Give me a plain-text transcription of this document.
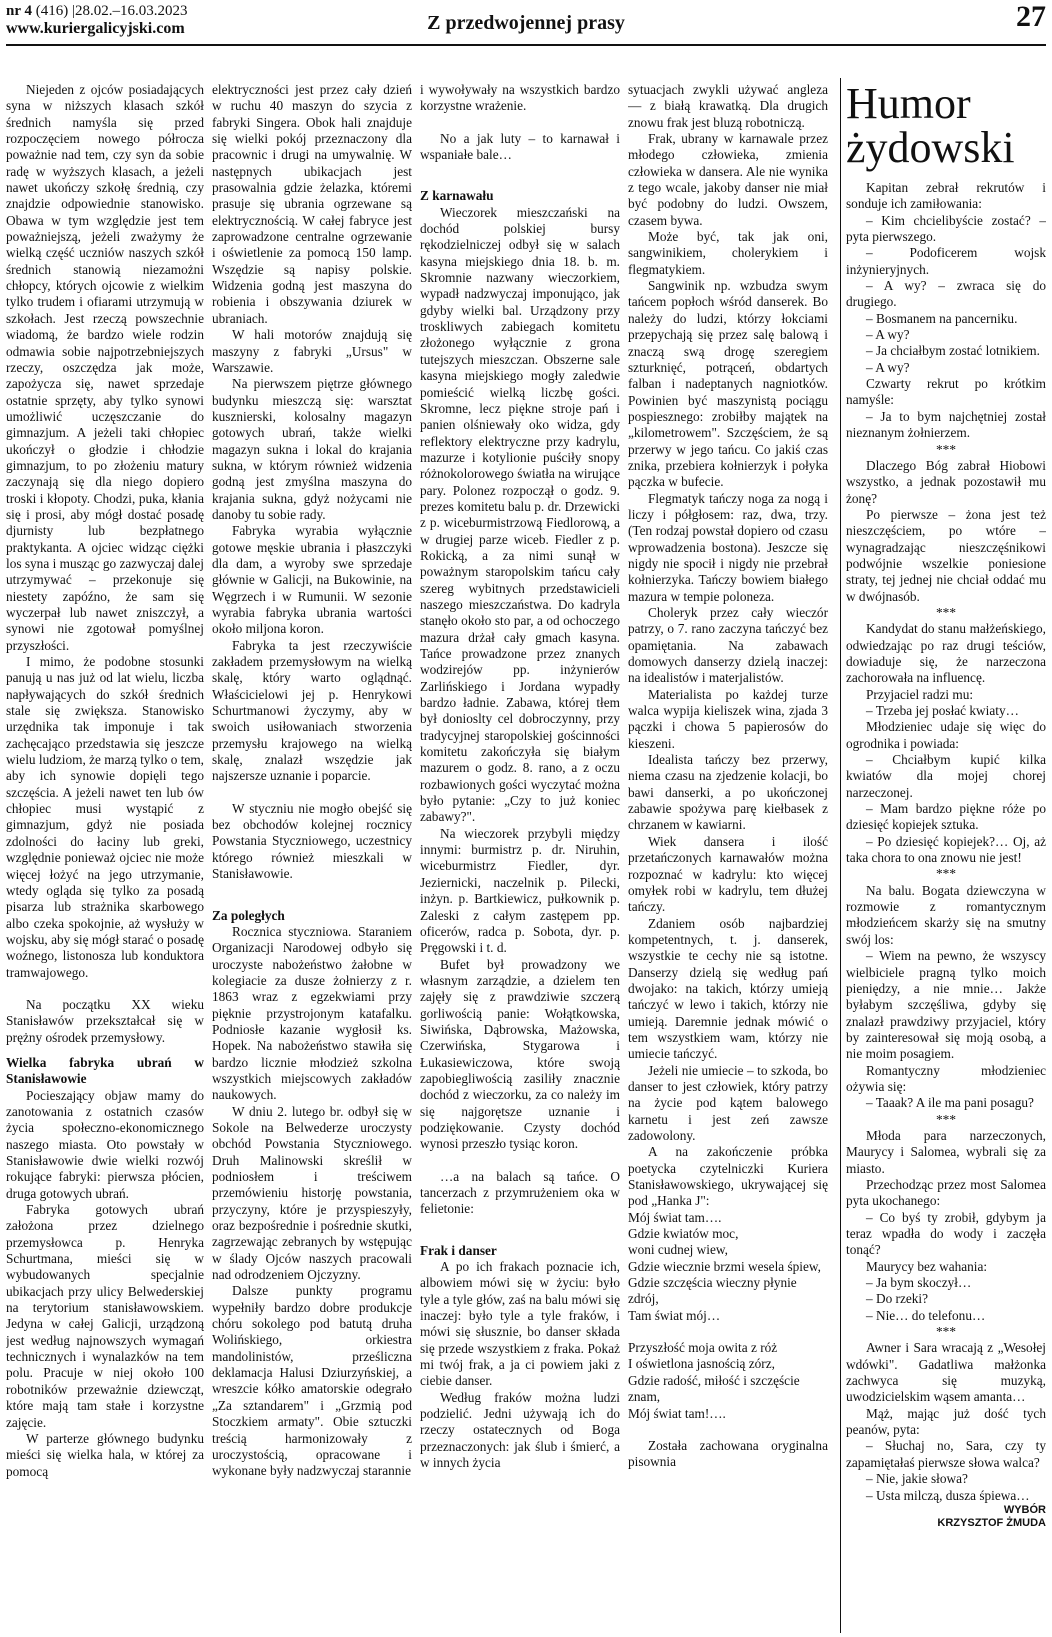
nr 4 (416) |28.02.–16.03.2023
www.kuriergalicyjski.com	Z przedwojennej prasy	27

Niejeden z ojców posiadających syna w niższych klasach szkół średnich namyśla się przed rozpoczęciem nowego półrocza poważnie nad tem, czy syn da sobie radę w wyższych klasach, a jeżeli nawet ukończy szkołę średnią, czy znajdzie odpowiednie stanowisko. Obawa w tym względzie jest tem poważniejszą, jeżeli zważymy że wielką część uczniów naszych szkół średnich stanowią niezamożni chłopcy, których ojcowie z wielkim tylko trudem i ofiarami utrzymują w szkołach. Jest rzeczą powszechnie wiadomą, że bardzo wiele rodzin odmawia sobie najpotrzebniejszych rzeczy, oszczędza jak może, zapożycza się, nawet sprzedaje ostatnie sprzęty, aby tylko synowi umożliwić uczęszczanie do gimnazjum. A jeżeli taki chłopiec ukończył o głodzie i chłodzie gimnazjum, to po złożeniu matury zaczynają się dla niego dopiero troski i kłopoty. Chodzi, puka, kłania się i prosi, aby mógł dostać posadę djurnisty lub bezpłatnego praktykanta. A ojciec widząc ciężki los syna i musząc go zazwyczaj dalej utrzymywać – przekonuje się niestety zapóźno, że sam się wyczerpał lub nawet zniszczył, a synowi nie zgotował pomyślnej przyszłości.

I mimo, że podobne stosunki panują u nas już od lat wielu, liczba napływających do szkół średnich stale się zwiększa. Stanowisko urzędnika tak imponuje i tak zachęcająco przedstawia się jeszcze wielu ludziom, że marzą tylko o tem, aby ich synowie dopięli tego szczęścia. A jeżeli nawet ten lub ów chłopiec musi wystąpić z gimnazjum, gdyż nie posiada zdolności do łaciny lub greki, względnie ponieważ ojciec nie może więcej łożyć na jego utrzymanie, wtedy ogląda się tylko za posadą pisarza lub strażnika skarbowego albo czeka spokojnie, aż wysłuży w wojsku, aby się mógł starać o posadę woźnego, listonosza lub konduktora tramwajowego.

Na początku XX wieku Stanisławów przekształcał się w prężny ośrodek przemysłowy.

Wielka fabryka ubrań w Stanisławowie

Pocieszający objaw mamy do zanotowania z ostatnich czasów życia społeczno-ekonomicznego naszego miasta. Oto powstały w Stanisławowie dwie wielki rozwój rokujące fabryki: pierwsza płócien, druga gotowych ubrań.

Fabryka gotowych ubrań założona przez dzielnego przemysłowca p. Henryka Schurtmana, mieści się w wybudowanych specjalnie ubikacjach przy ulicy Belwederskiej na terytorium stanisławowskiem. Jedyna w całej Galicji, urządzoną jest według najnowszych wymagań technicznych i wynalazków na tem polu. Pracuje w niej około 100 robotników przeważnie dziewcząt, które mają tam stałe i korzystne zajęcie.

W parterze głównego budynku mieści się wielka hala, w której za pomocą

elektryczności jest przez cały dzień w ruchu 40 maszyn do szycia z fabryki Singera. Obok hali znajduje się wielki pokój przeznaczony dla pracownic i drugi na umywalnię. W następnych ubikacjach jest prasowalnia gdzie żelazka, któremi prasuje się ubrania ogrzewane są elektrycznością. W całej fabryce jest zaprowadzone centralne ogrzewanie i oświetlenie za pomocą 150 lamp. Wszędzie są napisy polskie. Widzenia godną jest maszyna do robienia i obszywania dziurek w ubraniach.

W hali motorów znajdują się maszyny z fabryki „Ursus" w Warszawie.

Na pierwszem piętrze głównego budynku mieszczą się: warsztat kusznierski, kolosalny magazyn gotowych ubrań, także wielki magazyn sukna i lokal do krajania sukna, w którym również widzenia godną jest zmyślna maszyna do krajania sukna, gdyż nożycami nie danoby tu sobie rady.

Fabryka wyrabia wyłącznie gotowe męskie ubrania i płaszczyki dla dam, a wyroby swe sprzedaje głównie w Galicji, na Bukowinie, na Węgrzech i w Rumunii. W sezonie wyrabia fabryka ubrania wartości około miljona koron.

Fabryka ta jest rzeczywiście zakładem przemysłowym na wielką skalę, który warto oglądnąć. Właścicielowi jej p. Henrykowi Schurtmanowi życzymy, aby w swoich usiłowaniach stworzenia przemysłu krajowego na wielką skalę, znalazł wszędzie jak najszersze uznanie i poparcie.

W styczniu nie mogło obejść się bez obchodów kolejnej rocznicy Powstania Styczniowego, uczestnicy którego również mieszkali w Stanisławowie.

Za poległych

Rocznica styczniowa. Staraniem Organizacji Narodowej odbyło się uroczyste nabożeństwo żałobne w kolegiacie za dusze żołnierzy z r. 1863 wraz z egzekwiami przy pięknie przystrojonym katafalku. Podniosłe kazanie wygłosił ks. Hopek. Na nabożeństwo stawiła się bardzo licznie młodzież szkolna wszystkich miejscowych zakładów naukowych.

W dniu 2. lutego br. odbył się w Sokole na Belwederze uroczysty obchód Powstania Styczniowego. Druh Malinowski skreślił w podniosłem i treściwem przemówieniu historję powstania, przyczyny, które je przyspieszyły, oraz bezpośrednie i pośrednie skutki, zagrzewając zebranych by wstępując w ślady Ojców naszych pracowali nad odrodzeniem Ojczyzny.

Dalsze punkty programu wypełniły bardzo dobre produkcje chóru sokolego pod batutą druha Wolińskiego, orkiestra mandolinistów, prześliczna deklamacja Halusi Dziurzyńskiej, a wreszcie kółko amatorskie odegrało „Za sztandarem" i „Grzmią pod Stoczkiem armaty". Obie sztuczki treścią harmonizowały z uroczystością, opracowane i wykonane były nadzwyczaj starannie

i wywoływały na wszystkich bardzo korzystne wrażenie.

No a jak luty – to karnawał i wspaniałe bale…

Z karnawału

Wieczorek mieszczański na dochód polskiej bursy rękodzielniczej odbył się w salach kasyna miejskiego dnia 18. b. m. Skromnie nazwany wieczorkiem, wypadł nadzwyczaj imponująco, jak gdyby wielki bal. Urządzony przy troskliwych zabiegach komitetu złożonego wyłącznie z grona tutejszych mieszczan. Obszerne sale kasyna miejskiego mogły zaledwie pomieścić wielką liczbę gości. Skromne, lecz piękne stroje pań i panien olśniewały oko widza, gdy reflektory elektryczne przy kadrylu, mazurze i kotylionie puściły snopy różnokolorowego światła na wirujące pary. Polonez rozpoczął o godz. 9. prezes komitetu balu p. dr. Drzewicki z p. wiceburmistrzową Fiedlorową, a w drugiej parze wiceb. Fiedler z p. Rokicką, a za nimi sunął w poważnym staropolskim tańcu cały szereg wybitnych przedstawicieli naszego mieszczaństwa. Do kadryla stanęło około sto par, a od ochoczego mazura drżał cały gmach kasyna. Tańce prowadzone przez znanych wodzirejów pp. inżynierów Zarlińskiego i Jordana wypadły bardzo ładnie. Zabawa, której tłem był donioslty cel dobroczynny, przy tradycyjnej staropolskiej gościnności komitetu zakończyła się białym mazurem o godz. 8. rano, a z oczu rozbawionych gości wyczytać można było pytanie: „Czy to już koniec zabawy?".

Na wieczorek przybyli między innymi: burmistrz p. dr. Niruhin, wiceburmistrz Fiedler, dyr. Jeziernicki, naczelnik p. Pilecki, inżyn. p. Bartkiewicz, pułkownik p. Zaleski z całym zastępem pp. oficerów, radca p. Sobota, dyr. p. Pręgowski i t. d.

Bufet był prowadzony we własnym zarządzie, a dzielem ten zajęły się z prawdziwie szczerą gorliwością panie: Wołątkowska, Siwińska, Dąbrowska, Mażowska, Czerwińska, Stygarowa i Łukasiewiczowa, które swoją zapobiegliwością zasiliły znacznie dochód z wieczorku, za co należy im się najgorętsze uznanie i podziękowanie. Czysty dochód wynosi przeszło tysiąc koron.

…a na balach są tańce. O tancerzach z przymrużeniem oka w felietonie:

Frak i danser

A po ich frakach poznacie ich, albowiem mówi się w życiu: było tyle a tyle głów, zaś na balu mówi się inaczej: było tyle a tyle fraków, i mówi się słusznie, bo danser składa się przede wszystkiem z fraka. Pokaż mi twój frak, a ja ci powiem jaki z ciebie danser.

Według fraków można ludzi podzielić. Jedni używają ich do rzeczy ostatecznych od Boga przeznaczonych: jak ślub i śmierć, a w innych życia

sytuacjach zwykli używać angleza — z białą krawatką. Dla drugich znowu frak jest bluzą robotniczą.

Frak, ubrany w karnawale przez młodego człowieka, zmienia człowieka w dansera. Ale nie wynika z tego wcale, jakoby danser nie miał być podobny do ludzi. Owszem, czasem bywa.

Może być, tak jak oni, sangwinikiem, cholerykiem i flegmatykiem.

Sangwinik np. wzbudza swym tańcem popłoch wśród danserek. Bo należy do ludzi, którzy łokciami przepychają się przez salę balową i znaczą swą drogę szeregiem szturknięć, potrąceń, obdartych falban i nadeptanych nagniotków. Powinien być maszynistą pociągu pospiesznego: zrobiłby majątek na „kilometrowem". Szczęściem, że są przerwy w jego tańcu. Co jakiś czas znika, przebiera kołnierzyk i połyka pączka w bufecie.

Flegmatyk tańczy noga za nogą i liczy i półgłosem: raz, dwa, trzy. (Ten rodzaj powstał dopiero od czasu wprowadzenia bostona). Jeszcze się nigdy nie spocił i nigdy nie przebrał kołnierzyka. Tańczy bowiem białego mazura w tempie poloneza.

Choleryk przez cały wieczór patrzy, o 7. rano zaczyna tańczyć bez opamiętania. Na zabawach domowych danserzy dzielą inaczej: na idealistów i materjalistów.

Materialista po każdej turze walca wypija kieliszek wina, zjada 3 pączki i chowa 5 papierosów do kieszeni.

Idealista tańczy bez przerwy, niema czasu na zjedzenie kolacji, bo bawi danserki, a po ukończonej zabawie spożywa parę kiełbasek z chrzanem w kawiarni.

Wiek dansera i ilość przetańczonych karnawałów można rozpoznać w kadrylu: kto więcej omyłek robi w kadrylu, tem dłużej tańczy.

Zdaniem osób najbardziej kompetentnych, t. j. danserek, wszystkie te cechy nie są istotne. Danserzy dzielą się według pań dwojako: na takich, którzy umieją tańczyć w lewo i takich, którzy nie umieją. Daremnie jednak mówić o tem wszystkiem wam, którzy nie umiecie tańczyć.

Jeżeli nie umiecie – to szkoda, bo danser to jest człowiek, który patrzy na życie pod kątem balowego karnetu i jest zeń zawsze zadowolony.

A na zakończenie próbka poetycka czytelniczki Kuriera Stanisławowskiego, ukrywającej się pod „Hanka J":

Mój świat tam….

Gdzie kwiatów moc,

woni cudnej wiew,

Gdzie wiecznie brzmi wesela śpiew,

Gdzie szczęścia wieczny płynie zdrój,

Tam świat mój…

Przyszłość moja owita z róż

I oświetlona jasnością zórz,

Gdzie radość, miłość i szczęście znam,

Mój świat tam!….

Została zachowana oryginalna pisownia

Humor żydowski

Kapitan zebrał rekrutów i sonduje ich zamiłowania:

– Kim chcielibyście zostać? – pyta pierwszego.

– Podoficerem wojsk inżynieryjnych.

– A wy? – zwraca się do drugiego.

– Bosmanem na pancerniku.

– A wy?

– Ja chciałbym zostać lotnikiem.

– A wy?

Czwarty rekrut po krótkim namyśle:

– Ja to bym najchętniej został nieznanym żołnierzem.

***

Dlaczego Bóg zabrał Hiobowi wszystko, a jednak pozostawił mu żonę?

Po pierwsze – żona jest też nieszczęściem, po wtóre – wynagradzając nieszczęśnikowi podwójnie wszelkie poniesione straty, tej jednej nie chciał oddać mu w dwójnasób.

***

Kandydat do stanu małżeńskiego, odwiedzając po raz drugi teściów, dowiaduje się, że narzeczona zachorowała na influencę.

Przyjaciel radzi mu:

– Trzeba jej posłać kwiaty…

Młodzieniec udaje się więc do ogrodnika i powiada:

– Chciałbym kupić kilka kwiatów dla mojej chorej narzeczonej.

– Mam bardzo piękne róże po dziesięć kopiejek sztuka.

– Po dziesięć kopiejek?… Oj, aż taka chora to ona znowu nie jest!

***

Na balu. Bogata dziewczyna w rozmowie z romantycznym młodzieńcem skarży się na smutny swój los:

– Wiem na pewno, że wszyscy wielbiciele pragną tylko moich pieniędzy, a nie mnie… Jakże byłabym szczęśliwa, gdyby się znalazł prawdziwy przyjaciel, który by zainteresował się moją osobą, a nie moim posagiem.

Romantyczny młodzieniec ożywia się:

– Taaak? A ile ma pani posagu?

***

Młoda para narzeczonych, Maurycy i Salomea, wybrali się za miasto.

Przechodząc przez most Salomea pyta ukochanego:

– Co byś ty zrobił, gdybym ja teraz wpadła do wody i zaczęła tonąć?

Maurycy bez wahania:

– Ja bym skoczył…

– Do rzeki?

– Nie… do telefonu…

***

Awner i Sara wracają z „Wesołej wdówki". Gadatliwa małżonka zachwyca się muzyką, uwodzicielskim wąsem amanta…

Mąż, mając już dość tych peanów, pyta:

– Słuchaj no, Sara, czy ty zapamiętałaś pierwsze słowa walca?

– Nie, jakie słowa?

– Usta milczą, dusza śpiewa…

WYBÓR

KRZYSZTOF ŻMUDA
